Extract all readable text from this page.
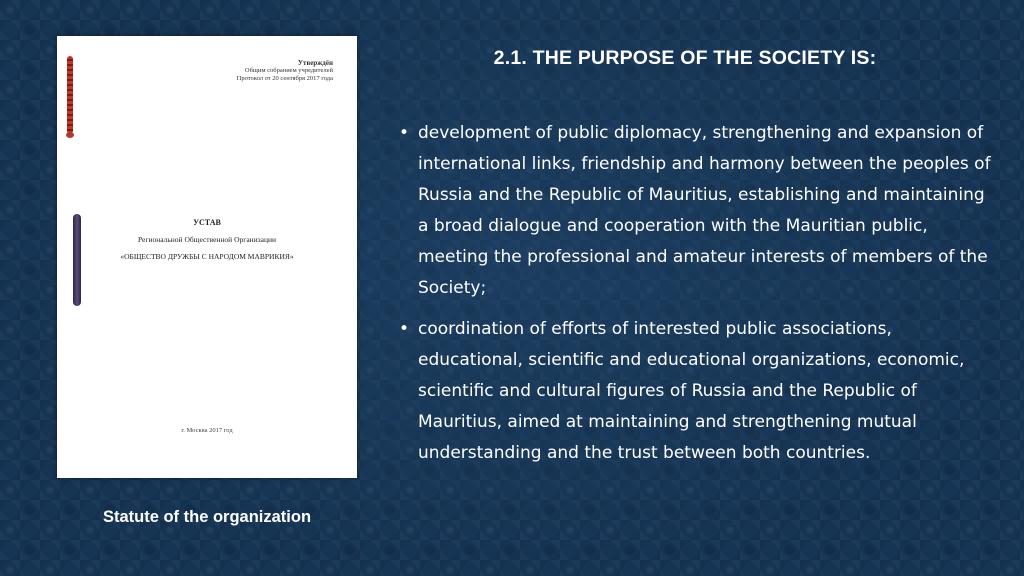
Утверждён
Общим собранием учредителей
Протокол от 20 сентября 2017 года
УСТАВ
Региональной Общественной Организации
«ОБЩЕСТВО ДРУЖБЫ С НАРОДОМ МАВРИКИЯ»
г. Москва 2017 год
Statute of the organization
2.1. THE PURPOSE OF THE SOCIETY IS:
• development of public diplomacy, strengthening and expansion of international links, friendship and harmony between the peoples of Russia and the Republic of Mauritius, establishing and maintaining a broad dialogue and cooperation with the Mauritian public, meeting the professional and amateur interests of members of the Society;
• coordination of efforts of interested public associations, educational, scientific and educational organizations, economic, scientific and cultural figures of Russia and the Republic of Mauritius, aimed at maintaining and strengthening mutual understanding and the trust between both countries.
